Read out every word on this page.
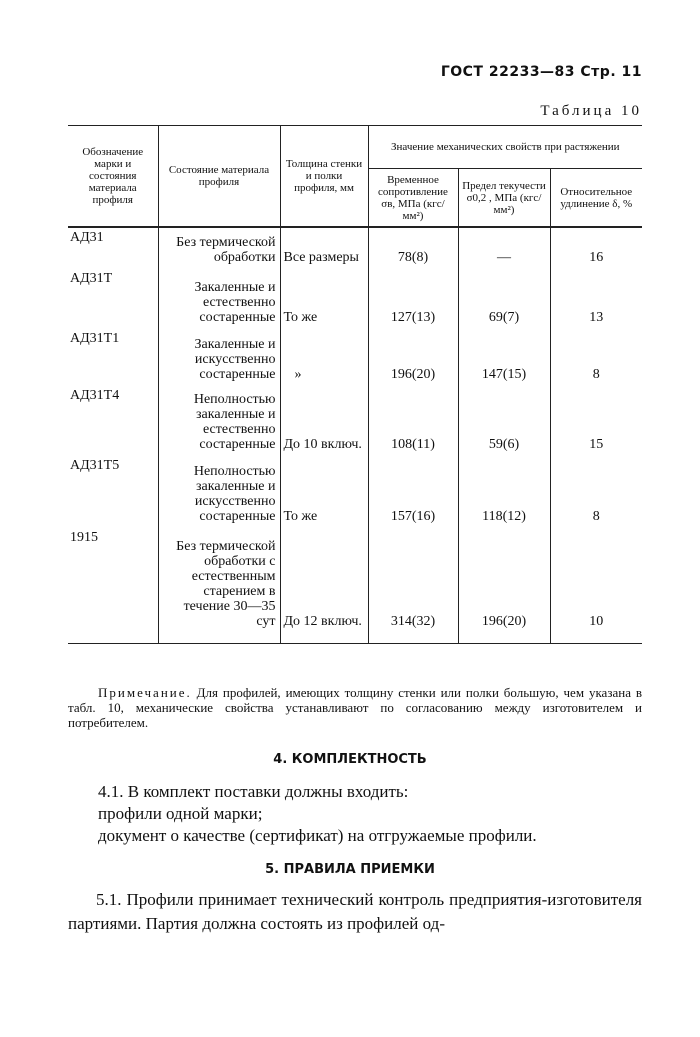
ГОСТ 22233—83 Стр. 11
Таблица 10
Обозначение марки и состояния материала профиля	Состояние материала профиля	Толщина стенки и полки профиля, мм	Значение механических свойств при растяжении		
			Временное сопротивление σв, МПа (кгс/мм²)	Предел текучести σ0,2 , МПа (кгс/мм²)	Относительное удлинение δ, %
АД31	Без термической обработки	Все размеры	78(8)	—	16
АД31Т	Закаленные и естественно состаренные	То же	127(13)	69(7)	13
АД31Т1	Закаленные и искусственно состаренные	»	196(20)	147(15)	8
АД31Т4	Неполностью закаленные и естественно состаренные	До 10 включ.	108(11)	59(6)	15
АД31Т5	Неполностью закаленные и искусственно состаренные	То же	157(16)	118(12)	8
1915	Без термической обработки с естественным старением в течение 30—35 сут	До 12 включ.	314(32)	196(20)	10
Примечание. Для профилей, имеющих толщину стенки или полки большую, чем указана в табл. 10, механические свойства устанавливают по согласованию между изготовителем и потребителем.
4. КОМПЛЕКТНОСТЬ
4.1. В комплект поставки должны входить:
профили одной марки;
документ о качестве (сертификат) на отгружаемые профили.
5. ПРАВИЛА ПРИЕМКИ
5.1. Профили принимает технический контроль предприятия-изготовителя партиями. Партия должна состоять из профилей од-
